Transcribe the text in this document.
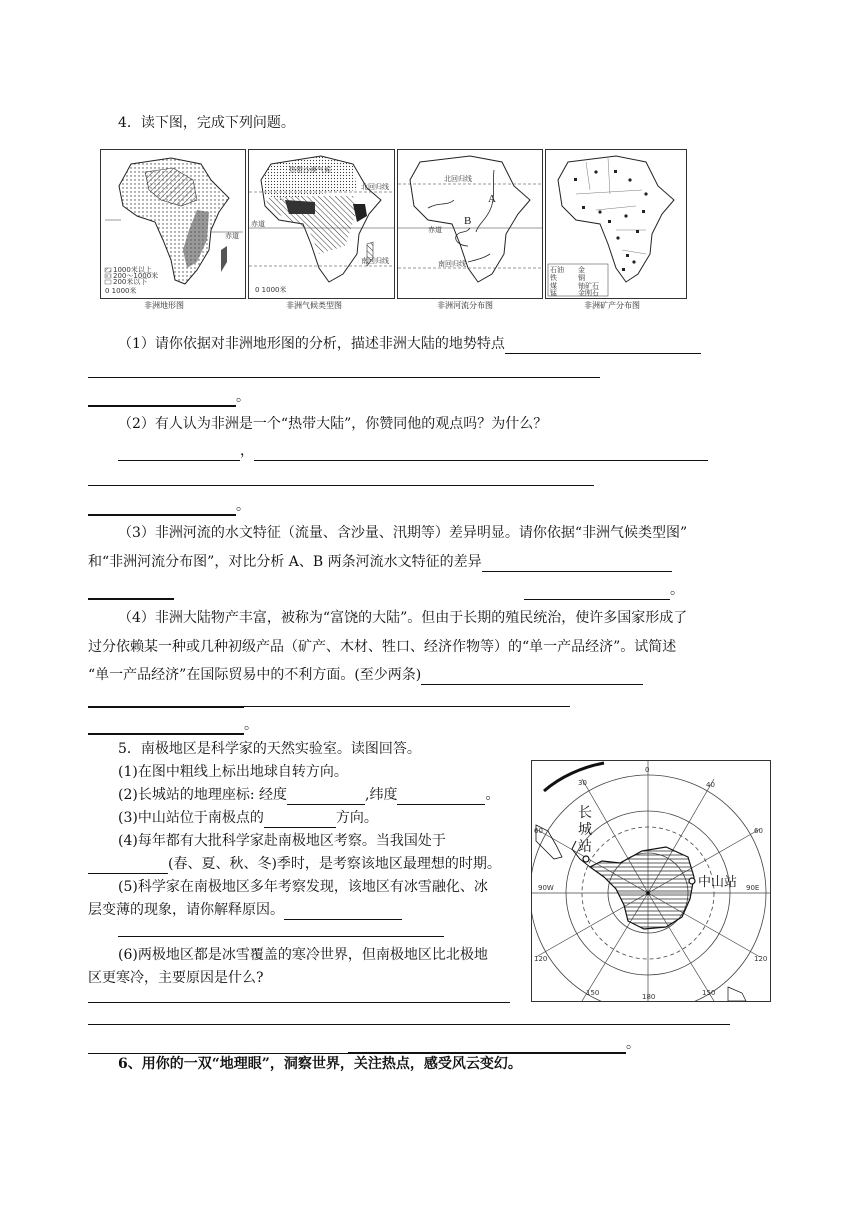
4．读下图，完成下列问题。
1000米以上
200～1000米
200米以下
0 1000米
赤道
热带沙漠气候
北回归线
赤道
南回归线
0 1000米
北回归线
赤道
南回归线
A
B
石油 金
铁	铜
煤	铀矿石
锰	金刚石
非洲地形图	非洲气候类型图	非洲河流分布图	非洲矿产分布图
（1）请你依据对非洲地形图的分析，描述非洲大陆的地势特点
。
（2）有人认为非洲是一个“热带大陆”，你赞同他的观点吗？为什么？
，
。
（3）非洲河流的水文特征（流量、含沙量、汛期等）差异明显。请你依据“非洲气候类型图”
和“非洲河流分布图”，对比分析 A、B 两条河流水文特征的差异
。
（4）非洲大陆物产丰富，被称为“富饶的大陆”。但由于长期的殖民统治，使许多国家形成了
过分依赖某一种或几种初级产品（矿产、木材、牲口、经济作物等）的“单一产品经济”。试简述
“单一产品经济”在国际贸易中的不利方面。(至少两条)
。
5．南极地区是科学家的天然实验室。读图回答。
(1)在图中粗线上标出地球自转方向。
(2)长城站的地理座标: 经度	,纬度	。
(3)中山站位于南极点的	方向。
(4)每年都有大批科学家赴南极地区考察。当我国处于
(春、夏、秋、冬)季时，是考察该地区最理想的时期。
(5)科学家在南极地区多年考察发现，该地区有冰雪融化、冰
层变薄的现象，请你解释原因。
(6)两极地区都是冰雪覆盖的寒冷世界，但南极地区比北极地
区更寒冷，主要原因是什么?
。
0
30	40
60	60
90W	90E
120	120
150	180	150
长城站
中山站
6、用你的一双“地理眼”，洞察世界，关注热点，感受风云变幻。
